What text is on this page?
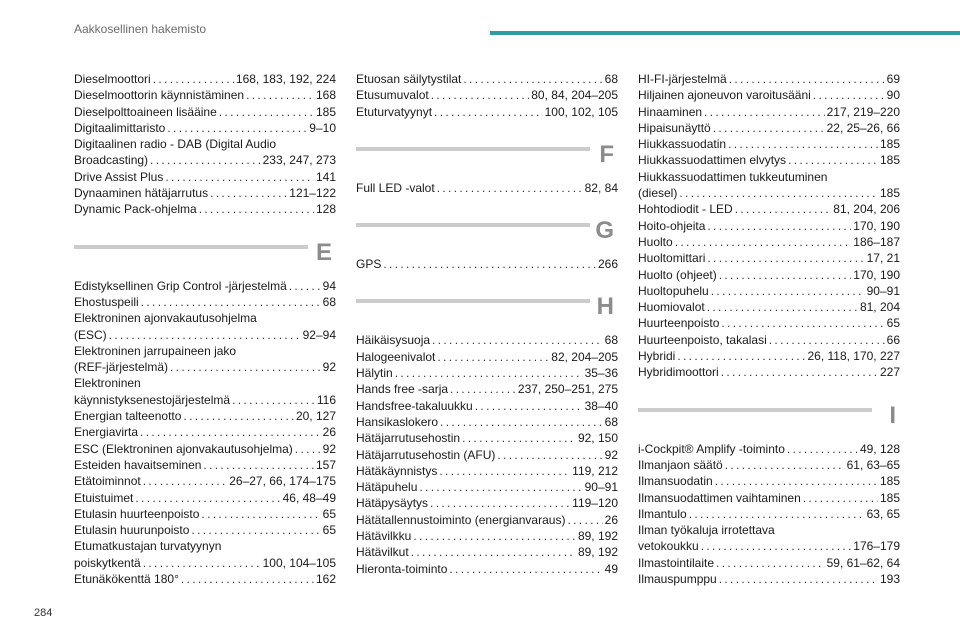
Aakkosellinen hakemisto
Dieselmoottori . . .	168, 183, 192, 224
Dieselmoottorin käynnistäminen . . .	168
Dieselpolttoaineen lisääine . . .	185
Digitaalimittaristo . . .	9–10
Digitaalinen radio - DAB (Digital Audio
Broadcasting) . . .	233, 247, 273
Drive Assist Plus . . .	141
Dynaaminen hätäjarrutus . . .	121–122
Dynamic Pack-ohjelma . . .	128
E
Edistyksellinen Grip Control -järjestelmä . . .	94
Ehostuspeili . . .	68
Elektroninen ajonvakautusohjelma
(ESC) . . .	92–94
Elektroninen jarrupaineen jako
(REF-järjestelmä) . . .	92
Elektroninen
käynnistyksenestojärjestelmä . . .	116
Energian talteenotto . . .	20, 127
Energiavirta . . .	26
ESC (Elektroninen ajonvakautusohjelma) . . . 92
Esteiden havaitseminen . . .	157
Etätoiminnot . . .	26–27, 66, 174–175
Etuistuimet . . .	46, 48–49
Etulasin huurteenpoisto . . .	65
Etulasin huurunpoisto . . .	65
Etumatkustajan turvatyynyn
poiskytkentä . . .	100, 104–105
Etunäkökenttä 180° . . .	162
Etuosan säilytystilat . . .	68
Etusumuvalot . . .	80, 84, 204–205
Etuturvatyynyt . . .	100, 102, 105
F
Full LED -valot . . .	82, 84
G
GPS . . .	266
H
Häikäisysuoja . . .	68
Halogeenivalot . . .	82, 204–205
Hälytin . . .	35–36
Hands free -sarja . . .	237, 250–251, 275
Handsfree-takaluukku . . .	38–40
Hansikaslokero . . .	68
Hätäjarrutusehostin . . .	92, 150
Hätäjarrutusehostin (AFU) . . .	92
Hätäkäynnistys . . .	119, 212
Hätäpuhelu . . .	90–91
Hätäpysäytys . . .	119–120
Hätätallennustoiminto (energianvaraus) . . .	26
Hätävilkku . . .	89, 192
Hätävilkut . . .	89, 192
Hieronta-toiminto . . .	49
HI-FI-järjestelmä . . .	69
Hiljainen ajoneuvon varoitusääni . . .	90
Hinaaminen . . .	217, 219–220
Hipaisunäyttö . . .	22, 25–26, 66
Hiukkassuodatin . . .	185
Hiukkassuodattimen elvytys . . .	185
Hiukkassuodattimen tukkeutuminen
(diesel) . . .	185
Hohtodiodit - LED . . .	81, 204, 206
Hoito-ohjeita . . .	170, 190
Huolto . . .	186–187
Huoltomittari . . .	17, 21
Huolto (ohjeet) . . .	170, 190
Huoltopuhelu . . .	90–91
Huomiovalot . . .	81, 204
Huurteenpoisto . . .	65
Huurteenpoisto, takalasi . . .	66
Hybridi . . .	26, 118, 170, 227
Hybridimoottori . . .	227
I
i-Cockpit® Amplify -toiminto . . .	49, 128
Ilmanjaon säätö . . .	61, 63–65
Ilmansuodatin . . .	185
Ilmansuodattimen vaihtaminen . . .	185
Ilmantulo . . .	63, 65
Ilman työkaluja irrotettava
vetokoukku . . .	176–179
Ilmastointilaite . . .	59, 61–62, 64
Ilmauspumppu . . .	193
284
